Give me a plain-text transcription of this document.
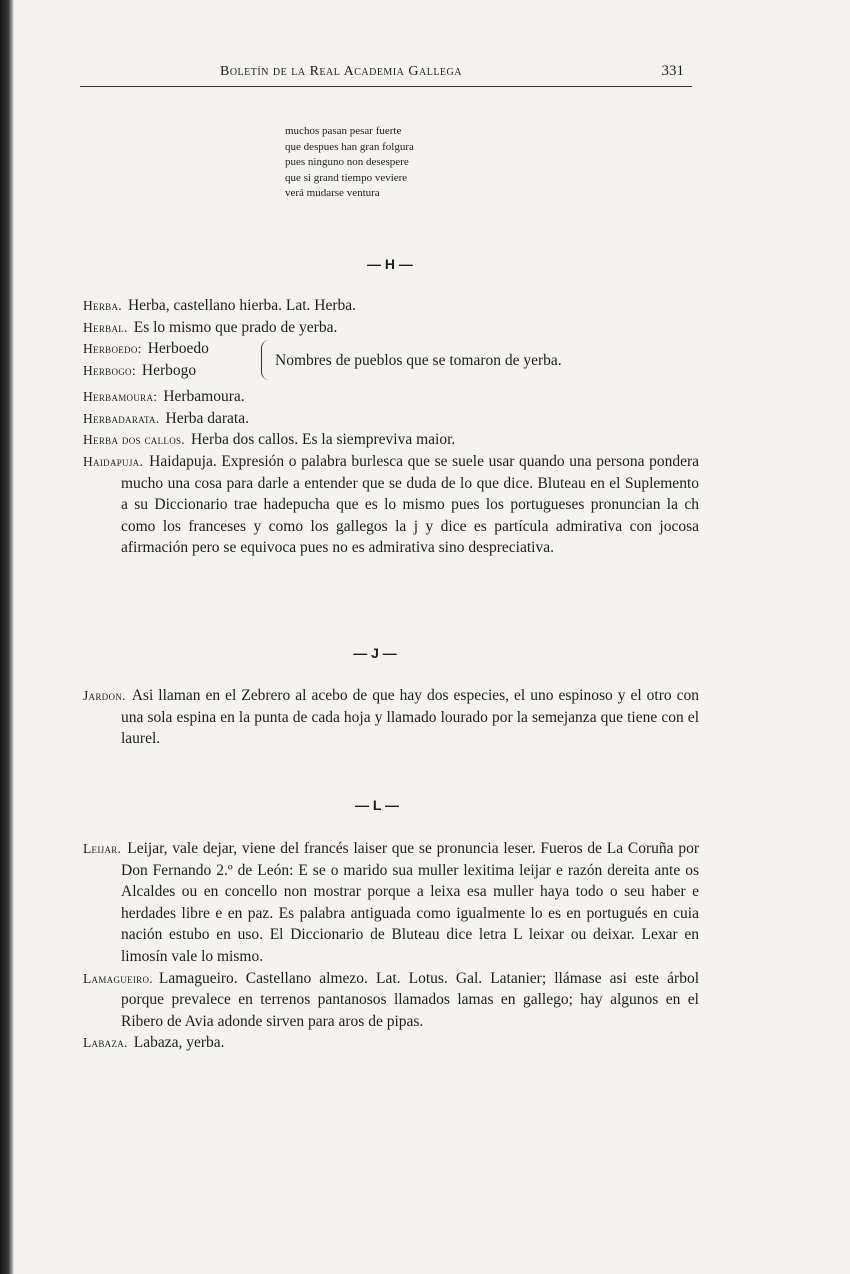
Boletín de la Real Academia Gallega	331
muchos pasan pesar fuerte
que despues han gran folgura
pues ninguno non desespere
que si grand tiempo veviere
verá mudarse ventura
— H —
Herba. Herba, castellano hierba. Lat. Herba.
Herbal. Es lo mismo que prado de yerba.
Herboedo: Herboedo
Herbogo: Herbogo
Nombres de pueblos que se tomaron de yerba.
Herbamoura: Herbamoura.
Herbadarata. Herba darata.
Herba dos callos. Herba dos callos. Es la siempreviva maior.
Haidapuja. Haidapuja. Expresión o palabra burlesca que se suele usar quando una persona pondera mucho una cosa para darle a entender que se duda de lo que dice. Bluteau en el Suplemento a su Diccionario trae hadepucha que es lo mismo pues los portugueses pronuncian la ch como los franceses y como los gallegos la j y dice es partícula admirativa con jocosa afirmación pero se equivoca pues no es admirativa sino despreciativa.
— J —
Jardon. Asi llaman en el Zebrero al acebo de que hay dos especies, el uno espinoso y el otro con una sola espina en la punta de cada hoja y llamado lourado por la semejanza que tiene con el laurel.
— L —
Leijar. Leijar, vale dejar, viene del francés laiser que se pronuncia leser. Fueros de La Coruña por Don Fernando 2.º de León: E se o marido sua muller lexitima leijar e razón dereita ante os Alcaldes ou en concello non mostrar porque a leixa esa muller haya todo o seu haber e herdades libre e en paz. Es palabra antiguada como igualmente lo es en portugués en cuia nación estubo en uso. El Diccionario de Bluteau dice letra L leixar ou deixar. Lexar en limosín vale lo mismo.
Lamagueiro. Lamagueiro. Castellano almezo. Lat. Lotus. Gal. Latanier; llámase asi este árbol porque prevalece en terrenos pantanosos llamados lamas en gallego; hay algunos en el Ribero de Avia adonde sirven para aros de pipas.
Labaza. Labaza, yerba.
